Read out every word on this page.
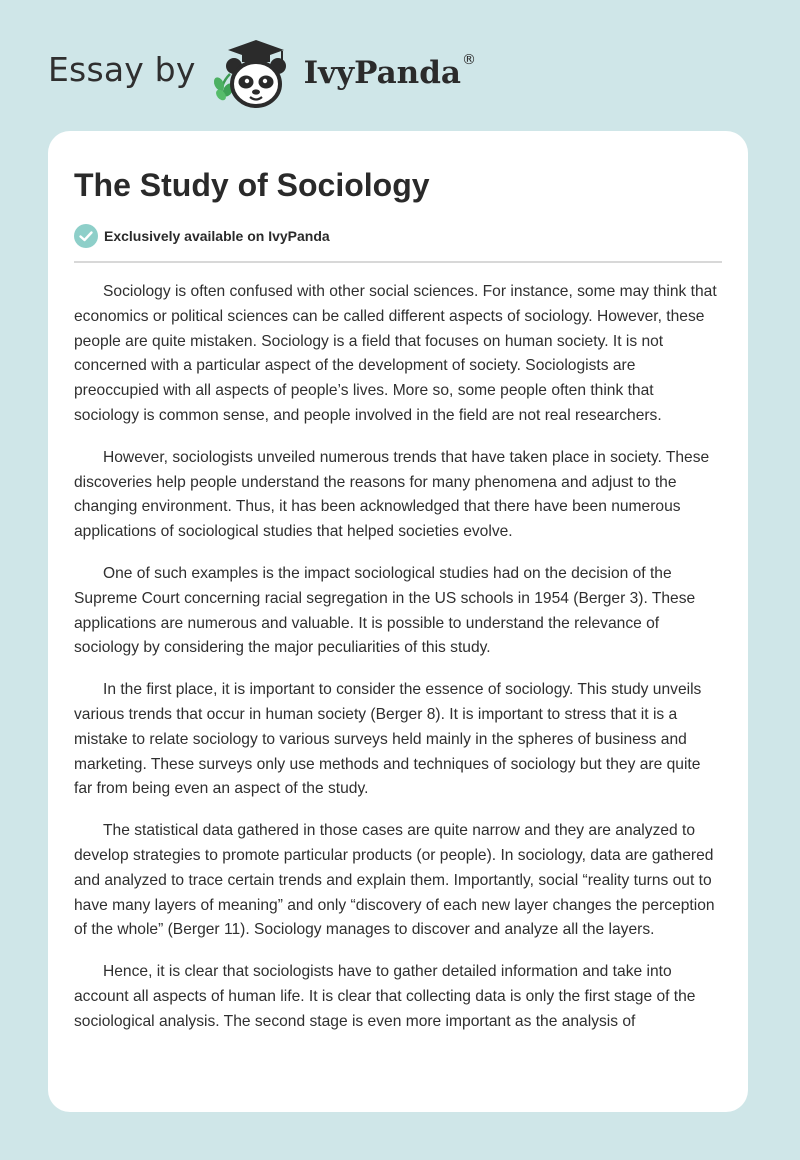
Essay by	IvyPanda ®
The Study of Sociology
Exclusively available on IvyPanda

Sociology is often confused with other social sciences. For instance, some may think that economics or political sciences can be called different aspects of sociology. However, these people are quite mistaken. Sociology is a field that focuses on human society. It is not concerned with a particular aspect of the development of society. Sociologists are preoccupied with all aspects of people’s lives. More so, some people often think that sociology is common sense, and people involved in the field are not real researchers.

However, sociologists unveiled numerous trends that have taken place in society. These discoveries help people understand the reasons for many phenomena and adjust to the changing environment. Thus, it has been acknowledged that there have been numerous applications of sociological studies that helped societies evolve.

One of such examples is the impact sociological studies had on the decision of the Supreme Court concerning racial segregation in the US schools in 1954 (Berger 3). These applications are numerous and valuable. It is possible to understand the relevance of sociology by considering the major peculiarities of this study.

In the first place, it is important to consider the essence of sociology. This study unveils various trends that occur in human society (Berger 8). It is important to stress that it is a mistake to relate sociology to various surveys held mainly in the spheres of business and marketing. These surveys only use methods and techniques of sociology but they are quite far from being even an aspect of the study.

The statistical data gathered in those cases are quite narrow and they are analyzed to develop strategies to promote particular products (or people). In sociology, data are gathered and analyzed to trace certain trends and explain them. Importantly, social “reality turns out to have many layers of meaning” and only “discovery of each new layer changes the perception of the whole” (Berger 11). Sociology manages to discover and analyze all the layers.

Hence, it is clear that sociologists have to gather detailed information and take into account all aspects of human life. It is clear that collecting data is only the first stage of the sociological analysis. The second stage is even more important as the analysis of
